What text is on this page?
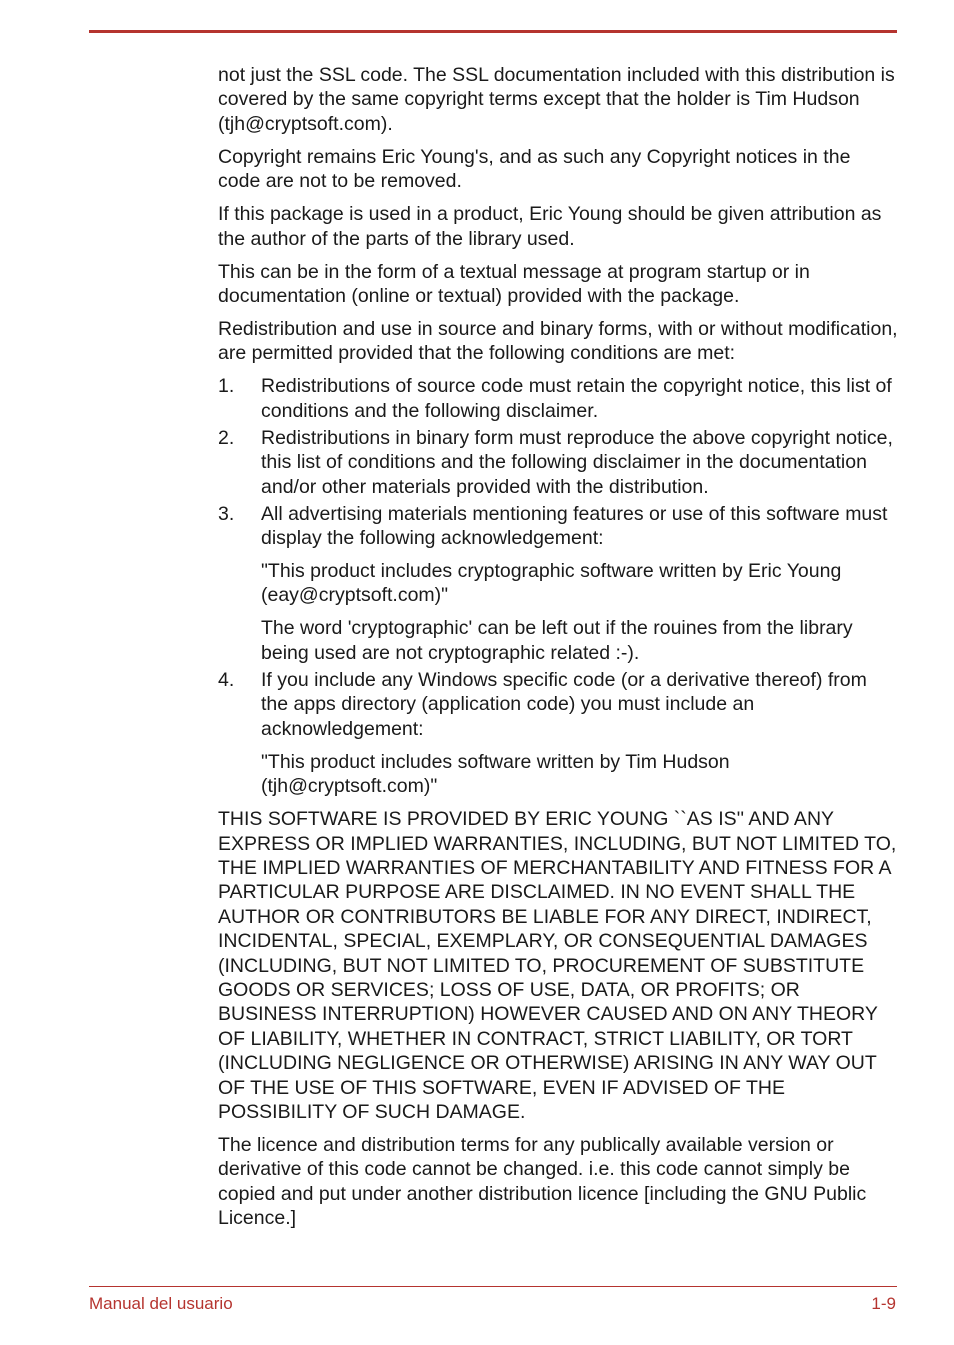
not just the SSL code. The SSL documentation included with this distribution is covered by the same copyright terms except that the holder is Tim Hudson (tjh@cryptsoft.com).

Copyright remains Eric Young's, and as such any Copyright notices in the code are not to be removed.

If this package is used in a product, Eric Young should be given attribution as the author of the parts of the library used.

This can be in the form of a textual message at program startup or in documentation (online or textual) provided with the package.

Redistribution and use in source and binary forms, with or without modification, are permitted provided that the following conditions are met:

1. Redistributions of source code must retain the copyright notice, this list of conditions and the following disclaimer.

2. Redistributions in binary form must reproduce the above copyright notice, this list of conditions and the following disclaimer in the documentation and/or other materials provided with the distribution.

3. All advertising materials mentioning features or use of this software must display the following acknowledgement:

"This product includes cryptographic software written by Eric Young (eay@cryptsoft.com)"

The word 'cryptographic' can be left out if the rouines from the library being used are not cryptographic related :-).

4. If you include any Windows specific code (or a derivative thereof) from the apps directory (application code) you must include an acknowledgement:

"This product includes software written by Tim Hudson (tjh@cryptsoft.com)"

THIS SOFTWARE IS PROVIDED BY ERIC YOUNG ``AS IS'' AND ANY EXPRESS OR IMPLIED WARRANTIES, INCLUDING, BUT NOT LIMITED TO, THE IMPLIED WARRANTIES OF MERCHANTABILITY AND FITNESS FOR A PARTICULAR PURPOSE ARE DISCLAIMED. IN NO EVENT SHALL THE AUTHOR OR CONTRIBUTORS BE LIABLE FOR ANY DIRECT, INDIRECT, INCIDENTAL, SPECIAL, EXEMPLARY, OR CONSEQUENTIAL DAMAGES (INCLUDING, BUT NOT LIMITED TO, PROCUREMENT OF SUBSTITUTE GOODS OR SERVICES; LOSS OF USE, DATA, OR PROFITS; OR BUSINESS INTERRUPTION) HOWEVER CAUSED AND ON ANY THEORY OF LIABILITY, WHETHER IN CONTRACT, STRICT LIABILITY, OR TORT (INCLUDING NEGLIGENCE OR OTHERWISE) ARISING IN ANY WAY OUT OF THE USE OF THIS SOFTWARE, EVEN IF ADVISED OF THE POSSIBILITY OF SUCH DAMAGE.

The licence and distribution terms for any publically available version or derivative of this code cannot be changed. i.e. this code cannot simply be copied and put under another distribution licence [including the GNU Public Licence.]

Manual del usuario	1-9
